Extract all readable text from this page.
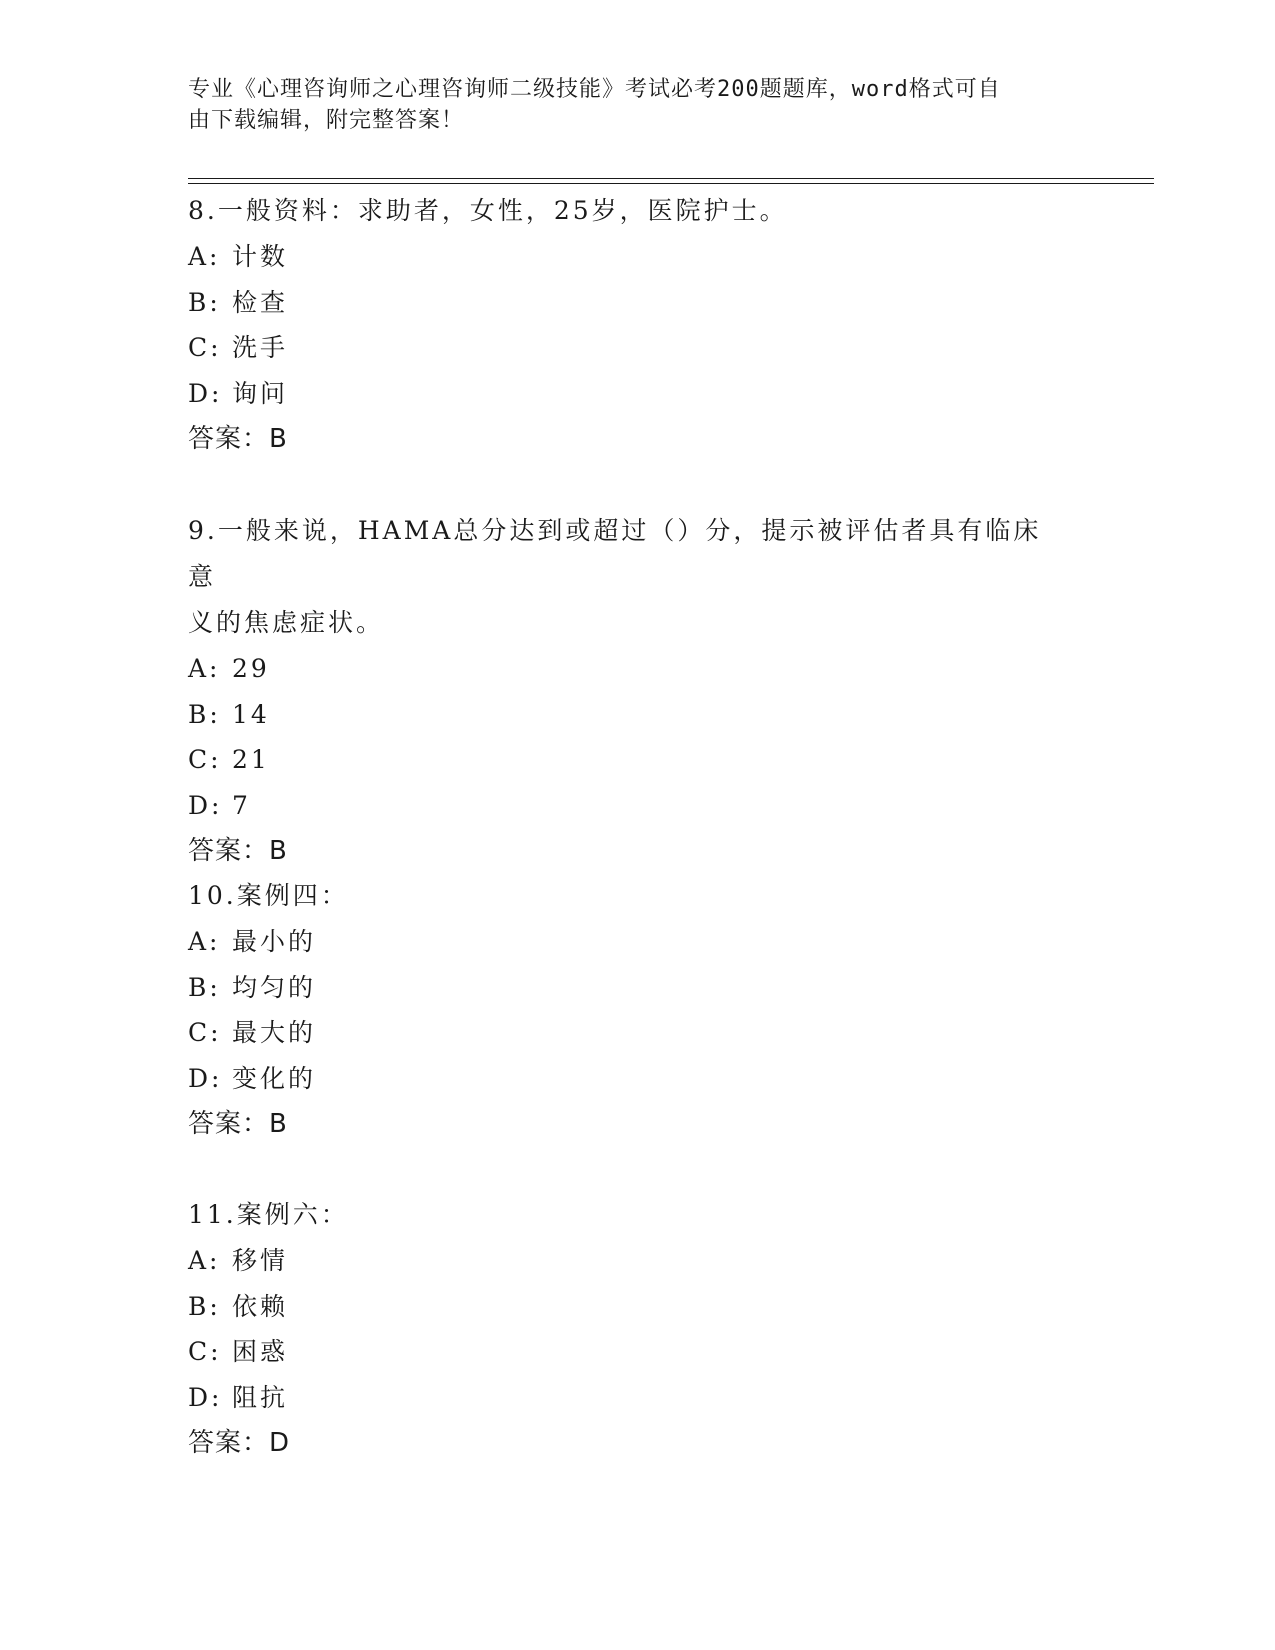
专业《心理咨询师之心理咨询师二级技能》考试必考200题题库，word格式可自
由下载编辑，附完整答案！

8.一般资料：求助者，女性，25岁，医院护士。

A: 计数

B: 检查

C: 洗手

D: 询问

答案：B

9.一般来说，HAMA总分达到或超过（）分，提示被评估者具有临床意

义的焦虑症状。

A: 29

B: 14

C: 21

D: 7

答案：B

10.案例四：

A: 最小的

B: 均匀的

C: 最大的

D: 变化的

答案：B

11.案例六：

A: 移情

B: 依赖

C: 困惑

D: 阻抗

答案：D
